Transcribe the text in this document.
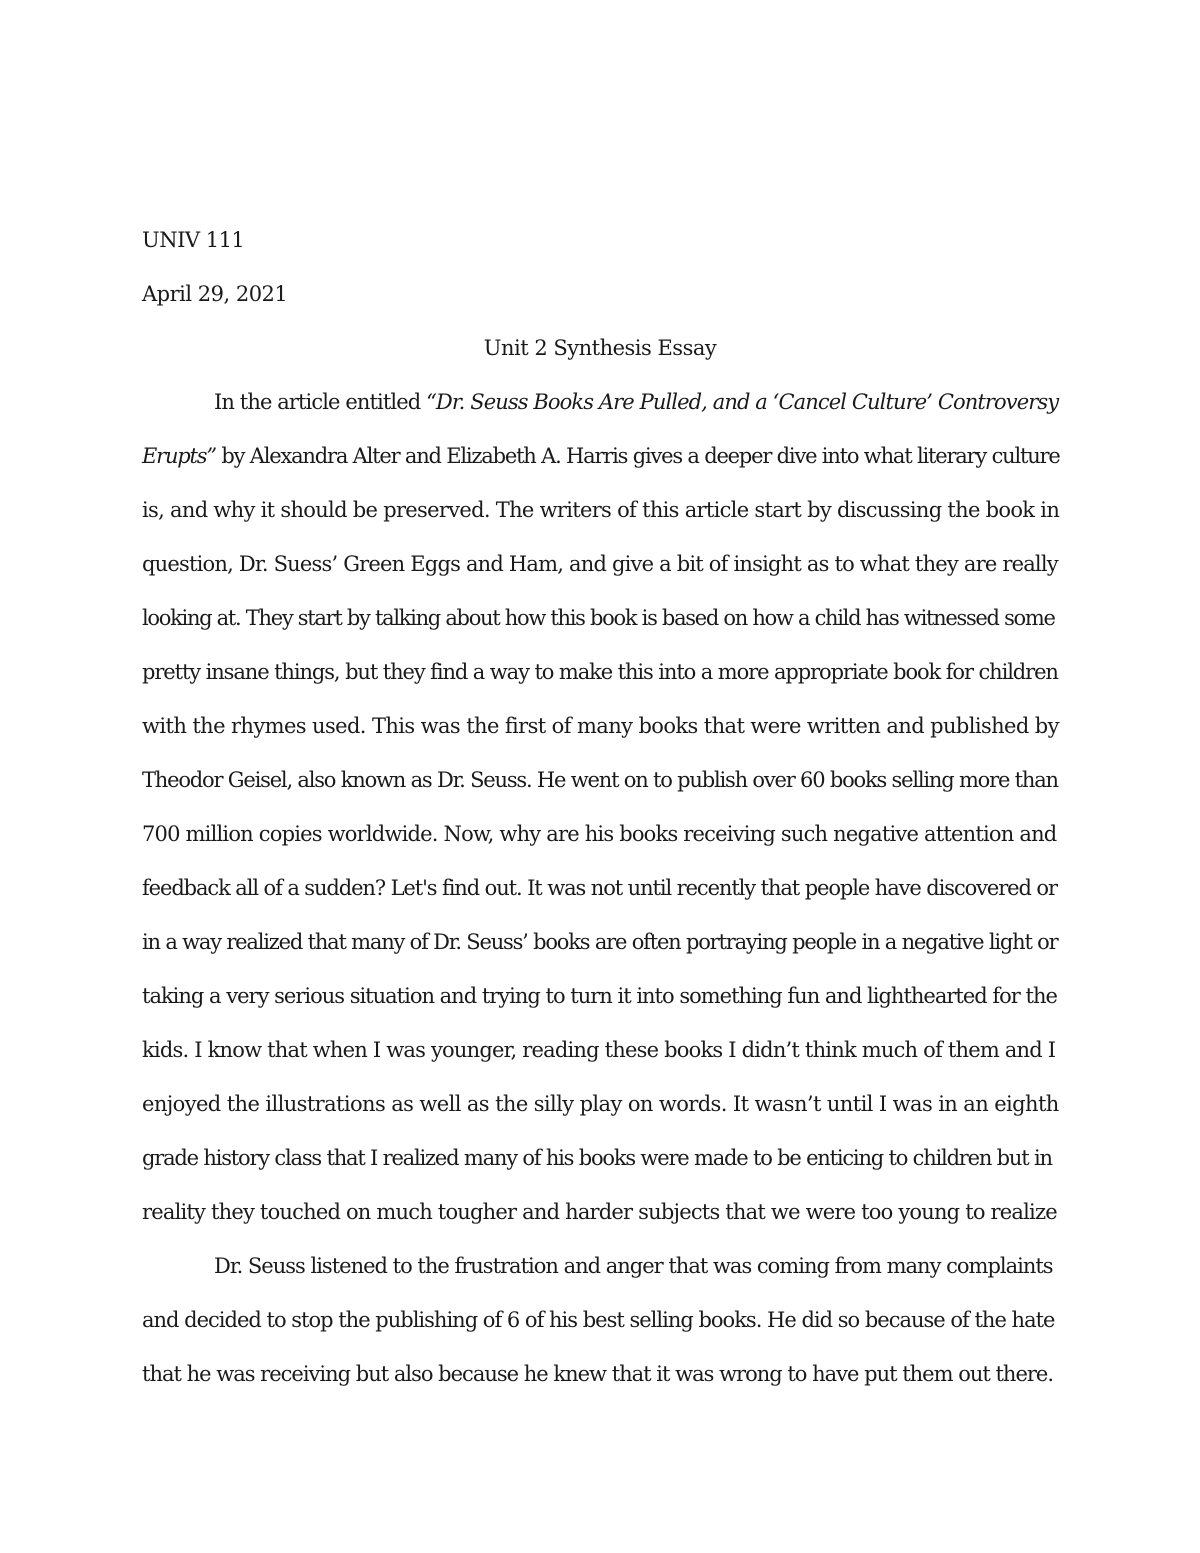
UNIV 111
April 29, 2021
Unit 2 Synthesis Essay
In the article entitled “Dr. Seuss Books Are Pulled, and a ‘Cancel Culture’ Controversy
Erupts” by Alexandra Alter and Elizabeth A. Harris gives a deeper dive into what literary culture
is, and why it should be preserved. The writers of this article start by discussing the book in
question, Dr. Suess’ Green Eggs and Ham, and give a bit of insight as to what they are really
looking at. They start by talking about how this book is based on how a child has witnessed some
pretty insane things, but they find a way to make this into a more appropriate book for children
with the rhymes used. This was the first of many books that were written and published by
Theodor Geisel, also known as Dr. Seuss. He went on to publish over 60 books selling more than
700 million copies worldwide. Now, why are his books receiving such negative attention and
feedback all of a sudden? Let's find out. It was not until recently that people have discovered or
in a way realized that many of Dr. Seuss’ books are often portraying people in a negative light or
taking a very serious situation and trying to turn it into something fun and lighthearted for the
kids. I know that when I was younger, reading these books I didn’t think much of them and I
enjoyed the illustrations as well as the silly play on words. It wasn’t until I was in an eighth
grade history class that I realized many of his books were made to be enticing to children but in
reality they touched on much tougher and harder subjects that we were too young to realize
Dr. Seuss listened to the frustration and anger that was coming from many complaints
and decided to stop the publishing of 6 of his best selling books. He did so because of the hate
that he was receiving but also because he knew that it was wrong to have put them out there.
